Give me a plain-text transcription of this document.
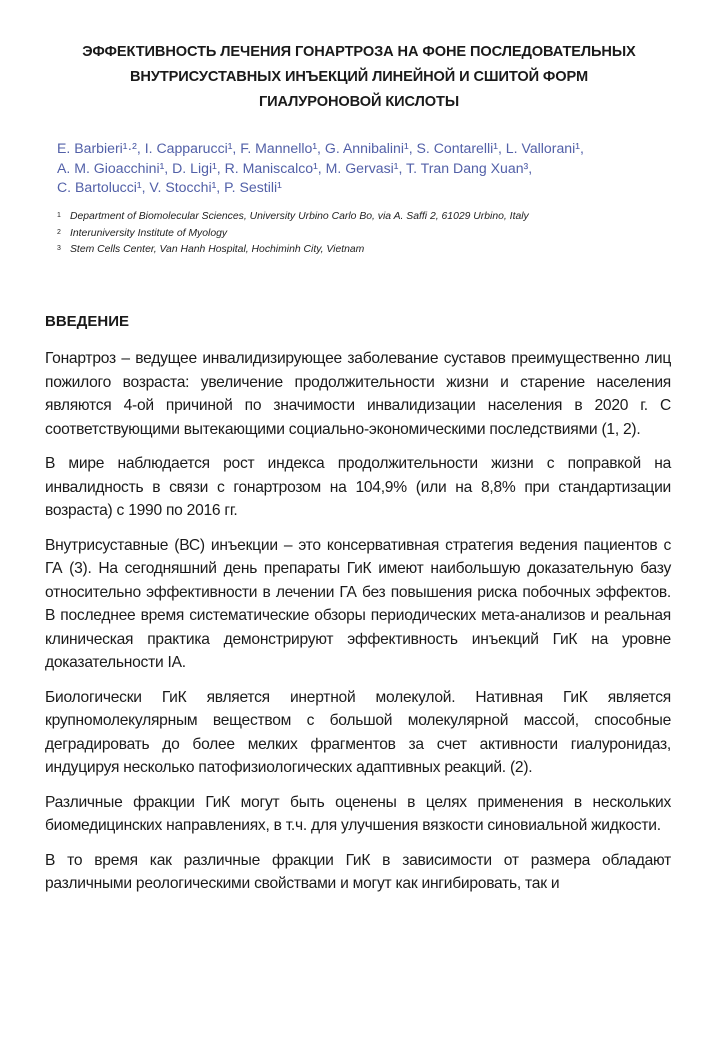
ЭФФЕКТИВНОСТЬ ЛЕЧЕНИЯ ГОНАРТРОЗА НА ФОНЕ ПОСЛЕДОВАТЕЛЬНЫХ
ВНУТРИСУСТАВНЫХ ИНЪЕКЦИЙ ЛИНЕЙНОЙ И СШИТОЙ ФОРМ
ГИАЛУРОНОВОЙ КИСЛОТЫ
E. Barbieri¹·², I. Capparucci¹, F. Mannello¹, G. Annibalini¹, S. Contarelli¹, L. Vallorani¹,
A. M. Gioacchini¹, D. Ligi¹, R. Maniscalco¹, M. Gervasi¹, T. Tran Dang Xuan³,
C. Bartolucci¹, V. Stocchi¹, P. Sestili¹
1 Department of Biomolecular Sciences, University Urbino Carlo Bo, via A. Saffi 2, 61029 Urbino, Italy
2 Interuniversity Institute of Myology
3 Stem Cells Center, Van Hanh Hospital, Hochiminh City, Vietnam
ВВЕДЕНИЕ

Гонартроз – ведущее инвалидизирующее заболевание суставов преимущественно лиц пожилого возраста: увеличение продолжительности жизни и старение населения являются 4-ой причиной по значимости инвалидизации населения в 2020 г. С соответствующими вытекающими социально-экономическими последствиями (1, 2).

В мире наблюдается рост индекса продолжительности жизни с поправкой на инвалидность в связи с гонартрозом на 104,9% (или на 8,8% при стандартизации возраста) с 1990 по 2016 гг.

Внутрисуставные (ВС) инъекции – это консервативная стратегия ведения пациентов с ГА (3). На сегодняшний день препараты ГиК имеют наибольшую доказательную базу относительно эффективности в лечении ГА без повышения риска побочных эффектов. В последнее время систематические обзоры периодических мета-анализов и реальная клиническая практика демонстрируют эффективность инъекций ГиК на уровне доказательности IA.

Биологически ГиК является инертной молекулой. Нативная ГиК является крупномолекулярным веществом с большой молекулярной массой, способные деградировать до более мелких фрагментов за счет активности гиалуронидаз, индуцируя несколько патофизиологических адаптивных реакций. (2).

Различные фракции ГиК могут быть оценены в целях применения в нескольких биомедицинских направлениях, в т.ч. для улучшения вязкости синовиальной жидкости.

В то время как различные фракции ГиК в зависимости от размера обладают различными реологическими свойствами и могут как ингибировать, так и
